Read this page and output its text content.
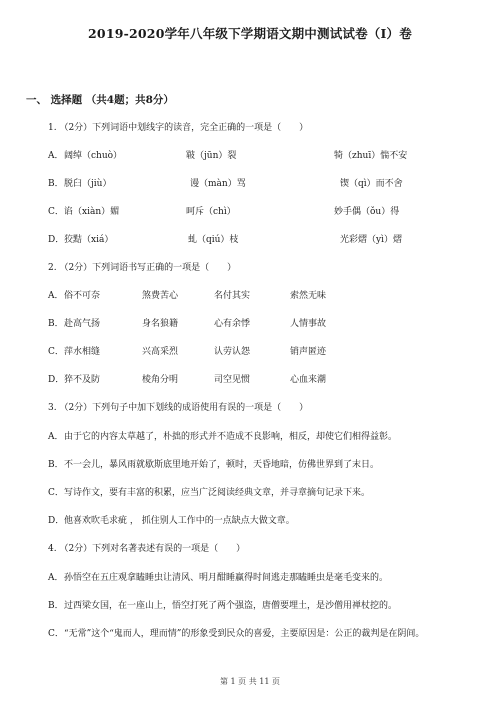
2019-2020学年八年级下学期语文期中测试试卷（I）卷
一、 选择题 （共4题；共8分）
1. （2分）下列词语中划线字的读音，完全正确的一项是（　　）
A． 阔绰（chuò）	皲（jūn）裂	犄（zhuī）惴不安
B． 脱臼（jiù）	谩（màn）骂	锲（qì）而不舍
C． 谄（xiàn）媚	呵斥（chì）	妙手偶（ǒu）得
D． 狡黠（xiá）	虬（qiú）枝	光彩熠（yì）熠
2. （2分）下列词语书写正确的一项是（　　）
A． 俗不可奈	煞费苦心	名付其实	索然无味
B． 赴高气扬	身名狼籍	心有余悸	人情事故
C． 萍水相缝	兴高采烈	认劳认怨	销声匿迹
D． 猝不及防	棱角分明	司空见惯	心血来潮
3. （2分）下列句子中加下划线的成语使用有误的一项是（　　）
A． 由于它的内容太草越了，朴拙的形式并不造成不良影响，相反，却使它们相得益彰。
B． 不一会儿，暴风雨就歇斯底里地开始了，顿时，天昏地暗，仿佛世界到了末日。
C． 写诗作文，要有丰富的积累，应当广泛阅读经典文章，并寻章摘句记录下来。
D． 他喜欢吹毛求疵 ， 抓住别人工作中的一点缺点大做文章。
4. （2分）下列对名著表述有误的一项是（　　）
A． 孙悟空在五庄观拿瞌睡虫让清风、明月酣睡赢得时间逃走那瞌睡虫是毫毛变来的。
B． 过西梁女国，在一座山上，悟空打死了两个强盗，唐僧要埋土，是沙僧用禅杖挖的。
C． “无常”这个“鬼而人，理而情”的形象受到民众的喜爱，主要原因是：公正的裁判是在阴间。
第 1 页 共 11 页
